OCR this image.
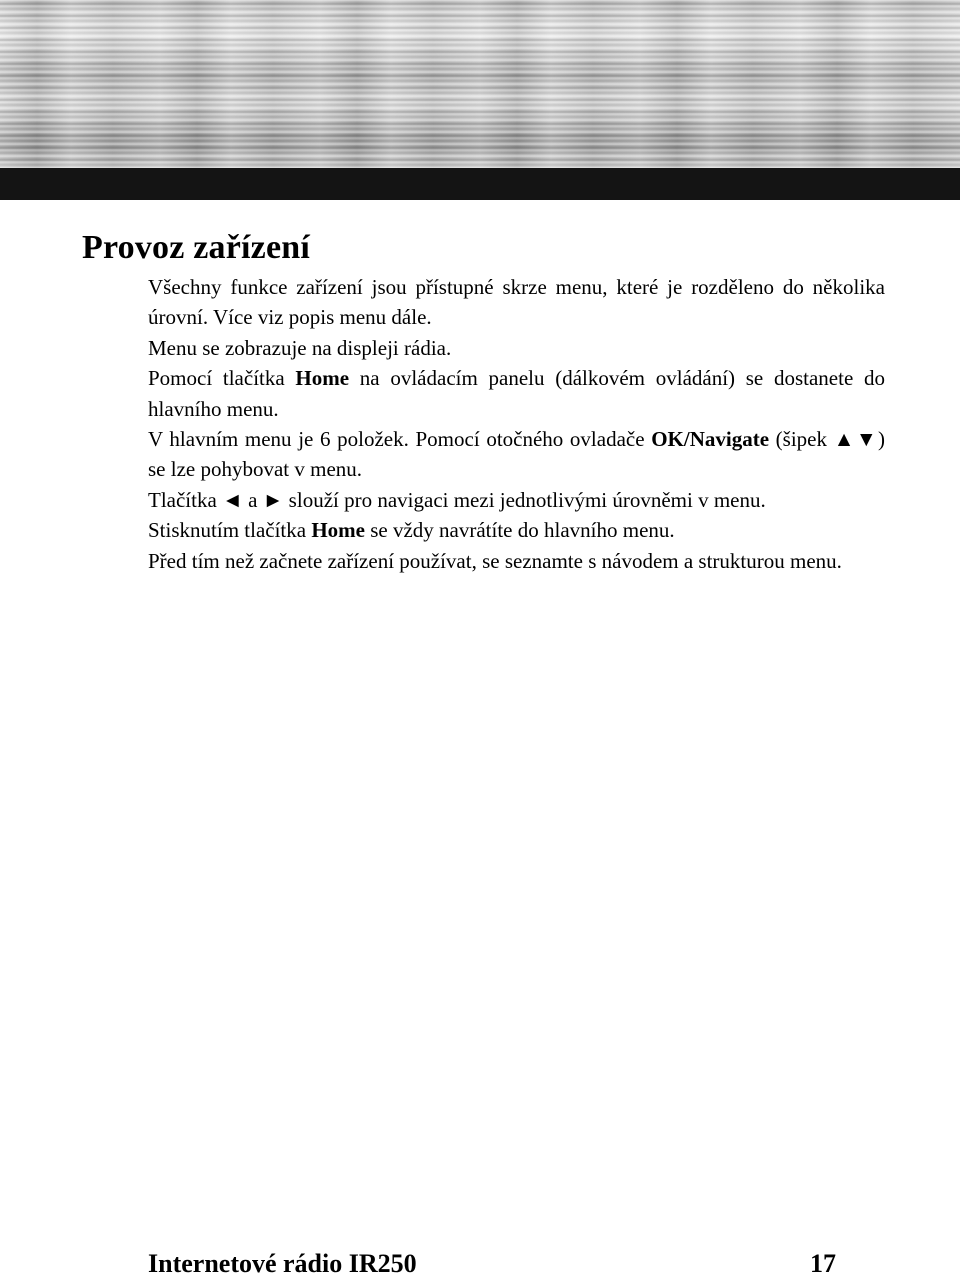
Provoz zařízení

Všechny funkce zařízení jsou přístupné skrze menu, které je rozděleno do několika úrovní. Více viz popis menu dále.

Menu se zobrazuje na displeji rádia.

Pomocí tlačítka Home na ovládacím panelu (dálkovém ovládání) se dostanete do hlavního menu.

V hlavním menu je 6 položek. Pomocí otočného ovladače OK/Navigate (šipek ▲▼) se lze pohybovat v menu.

Tlačítka ◄ a ► slouží pro navigaci mezi jednotlivými úrovněmi v menu.

Stisknutím tlačítka Home se vždy navrátíte do hlavního menu.

Před tím než začnete zařízení používat, se seznamte s návodem a strukturou menu.

Internetové rádio IR250	17
